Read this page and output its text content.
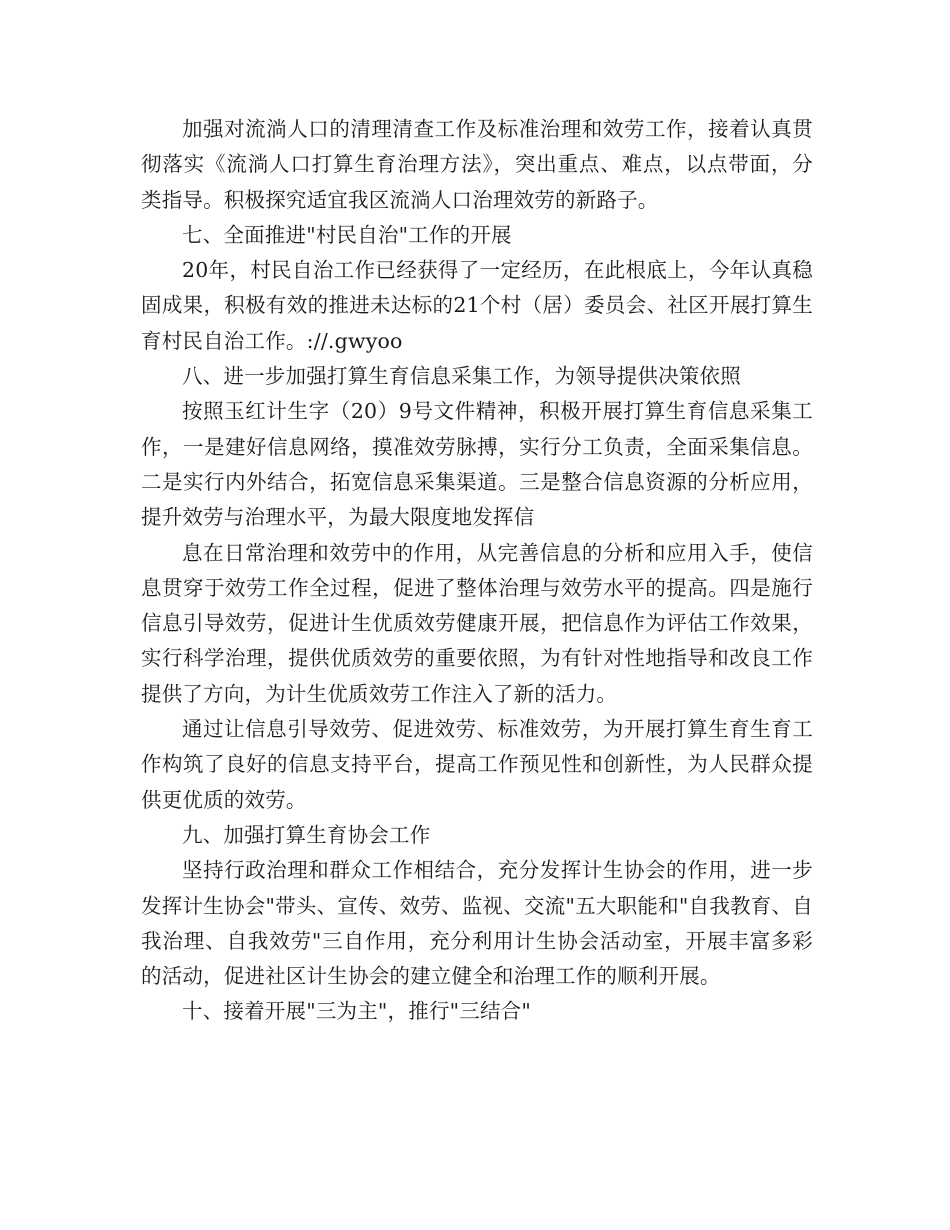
加强对流淌人口的清理清查工作及标准治理和效劳工作，接着认真贯彻落实《流淌人口打算生育治理方法》，突出重点、难点，以点带面，分类指导。积极探究适宜我区流淌人口治理效劳的新路子。

七、全面推进"村民自治"工作的开展

20年，村民自治工作已经获得了一定经历，在此根底上，今年认真稳固成果，积极有效的推进未达标的21个村（居）委员会、社区开展打算生育村民自治工作。://.gwyoo

八、进一步加强打算生育信息采集工作，为领导提供决策依照

按照玉红计生字（20）9号文件精神，积极开展打算生育信息采集工作，一是建好信息网络，摸准效劳脉搏，实行分工负责，全面采集信息。二是实行内外结合，拓宽信息采集渠道。三是整合信息资源的分析应用，提升效劳与治理水平，为最大限度地发挥信

息在日常治理和效劳中的作用，从完善信息的分析和应用入手，使信息贯穿于效劳工作全过程，促进了整体治理与效劳水平的提高。四是施行信息引导效劳，促进计生优质效劳健康开展，把信息作为评估工作效果，实行科学治理，提供优质效劳的重要依照，为有针对性地指导和改良工作提供了方向，为计生优质效劳工作注入了新的活力。

通过让信息引导效劳、促进效劳、标准效劳，为开展打算生育生育工作构筑了良好的信息支持平台，提高工作预见性和创新性，为人民群众提供更优质的效劳。

九、加强打算生育协会工作

坚持行政治理和群众工作相结合，充分发挥计生协会的作用，进一步发挥计生协会"带头、宣传、效劳、监视、交流"五大职能和"自我教育、自我治理、自我效劳"三自作用，充分利用计生协会活动室，开展丰富多彩的活动，促进社区计生协会的建立健全和治理工作的顺利开展。

十、接着开展"三为主"，推行"三结合"
